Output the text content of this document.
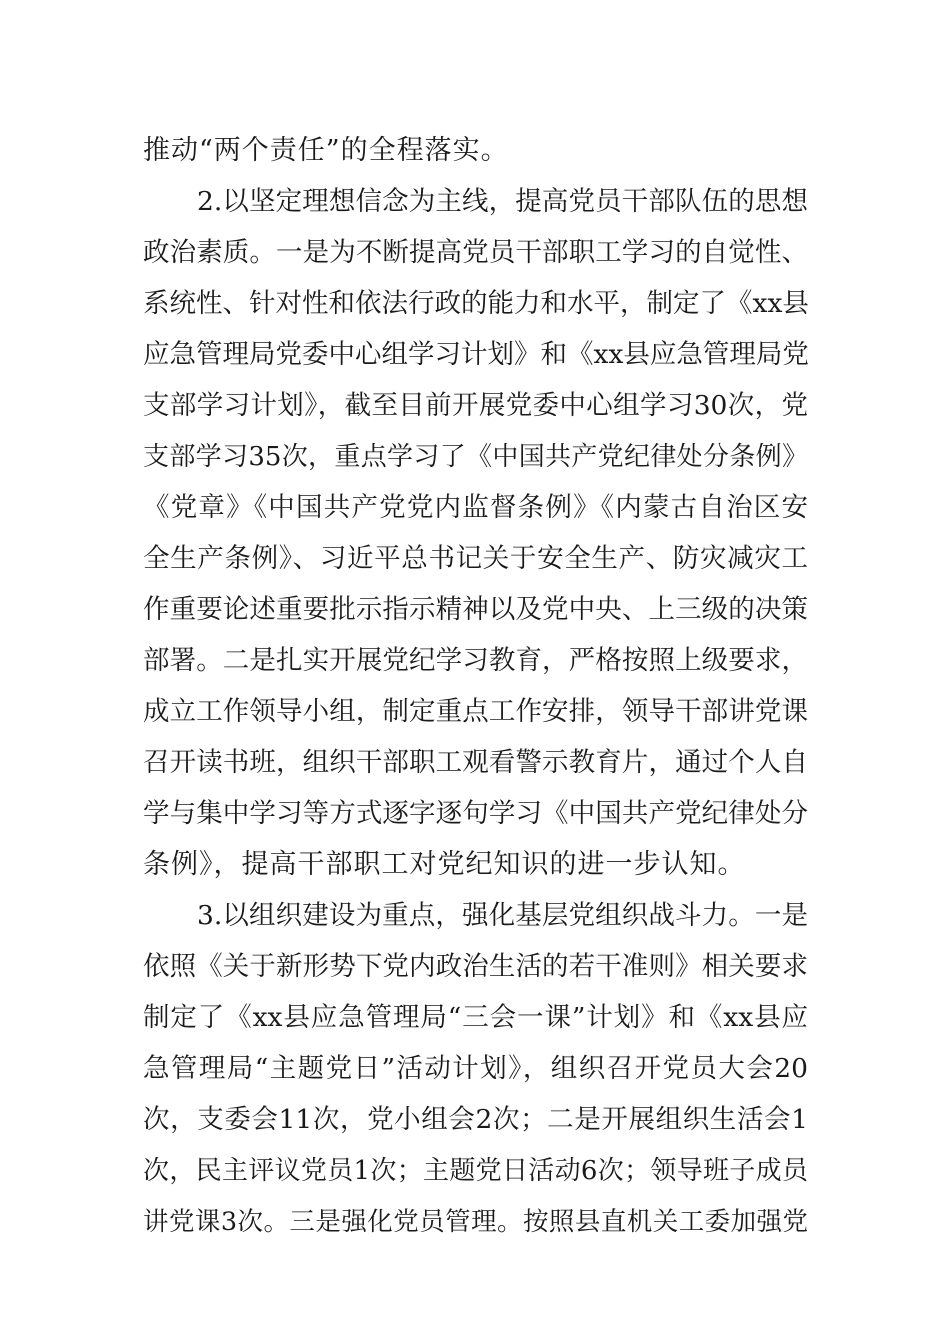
推动“两个责任”的全程落实。
2.以坚定理想信念为主线，提高党员干部队伍的思想
政治素质。一是为不断提高党员干部职工学习的自觉性、
系统性、针对性和依法行政的能力和水平，制定了《xx县
应急管理局党委中心组学习计划》和《xx县应急管理局党
支部学习计划》，截至目前开展党委中心组学习30次，党
支部学习35次，重点学习了《中国共产党纪律处分条例》
《党章》《中国共产党党内监督条例》《内蒙古自治区安
全生产条例》、习近平总书记关于安全生产、防灾减灾工
作重要论述重要批示指示精神以及党中央、上三级的决策
部署。二是扎实开展党纪学习教育，严格按照上级要求，
成立工作领导小组，制定重点工作安排，领导干部讲党课
召开读书班，组织干部职工观看警示教育片，通过个人自
学与集中学习等方式逐字逐句学习《中国共产党纪律处分
条例》，提高干部职工对党纪知识的进一步认知。
3.以组织建设为重点，强化基层党组织战斗力。一是
依照《关于新形势下党内政治生活的若干准则》相关要求
制定了《xx县应急管理局“三会一课”计划》和《xx县应
急管理局“主题党日”活动计划》，组织召开党员大会20
次，支委会11次，党小组会2次；二是开展组织生活会1
次，民主评议党员1次；主题党日活动6次；领导班子成员
讲党课3次。三是强化党员管理。按照县直机关工委加强党
